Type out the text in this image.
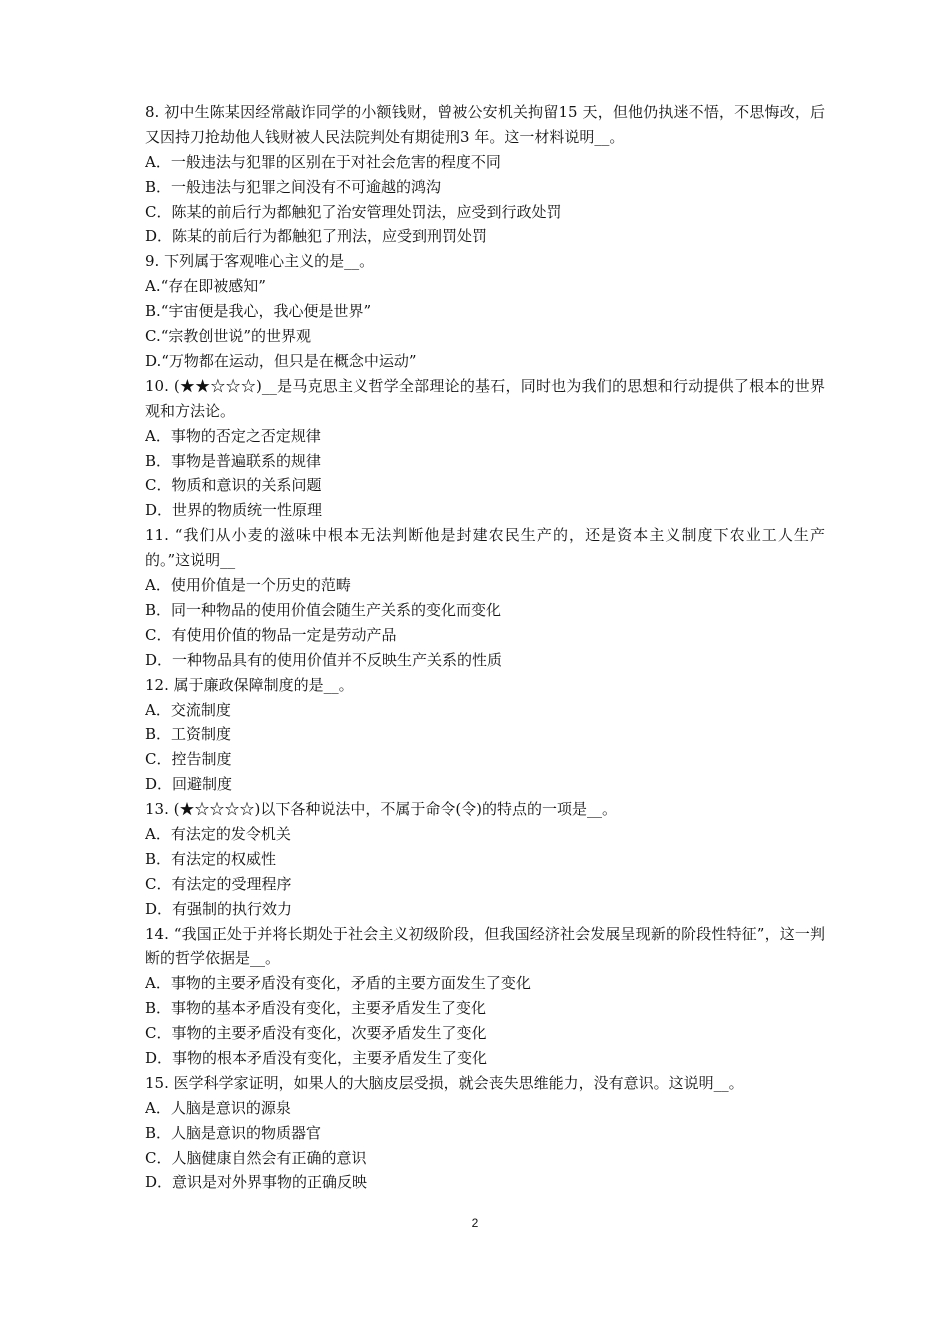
8. 初中生陈某因经常敲诈同学的小额钱财，曾被公安机关拘留15 天，但他仍执迷不悟，不思悔改，后又因持刀抢劫他人钱财被人民法院判处有期徒刑3 年。这一材料说明__。
A．一般违法与犯罪的区别在于对社会危害的程度不同
B．一般违法与犯罪之间没有不可逾越的鸿沟
C．陈某的前后行为都触犯了治安管理处罚法，应受到行政处罚
D．陈某的前后行为都触犯了刑法，应受到刑罚处罚
9. 下列属于客观唯心主义的是__。
A.“存在即被感知”
B.“宇宙便是我心，我心便是世界”
C.“宗教创世说”的世界观
D.“万物都在运动，但只是在概念中运动”
10. (★★☆☆☆)__是马克思主义哲学全部理论的基石，同时也为我们的思想和行动提供了根本的世界观和方法论。
A．事物的否定之否定规律
B．事物是普遍联系的规律
C．物质和意识的关系问题
D．世界的物质统一性原理
11. “我们从小麦的滋味中根本无法判断他是封建农民生产的，还是资本主义制度下农业工人生产的。”这说明__
A．使用价值是一个历史的范畴
B．同一种物品的使用价值会随生产关系的变化而变化
C．有使用价值的物品一定是劳动产品
D．一种物品具有的使用价值并不反映生产关系的性质
12. 属于廉政保障制度的是__。
A．交流制度
B．工资制度
C．控告制度
D．回避制度
13. (★☆☆☆☆)以下各种说法中，不属于命令(令)的特点的一项是__。
A．有法定的发令机关
B．有法定的权威性
C．有法定的受理程序
D．有强制的执行效力
14. “我国正处于并将长期处于社会主义初级阶段，但我国经济社会发展呈现新的阶段性特征”，这一判断的哲学依据是__。
A．事物的主要矛盾没有变化，矛盾的主要方面发生了变化
B．事物的基本矛盾没有变化，主要矛盾发生了变化
C．事物的主要矛盾没有变化，次要矛盾发生了变化
D．事物的根本矛盾没有变化，主要矛盾发生了变化
15. 医学科学家证明，如果人的大脑皮层受损，就会丧失思维能力，没有意识。这说明__。
A．人脑是意识的源泉
B．人脑是意识的物质器官
C．人脑健康自然会有正确的意识
D．意识是对外界事物的正确反映
2
